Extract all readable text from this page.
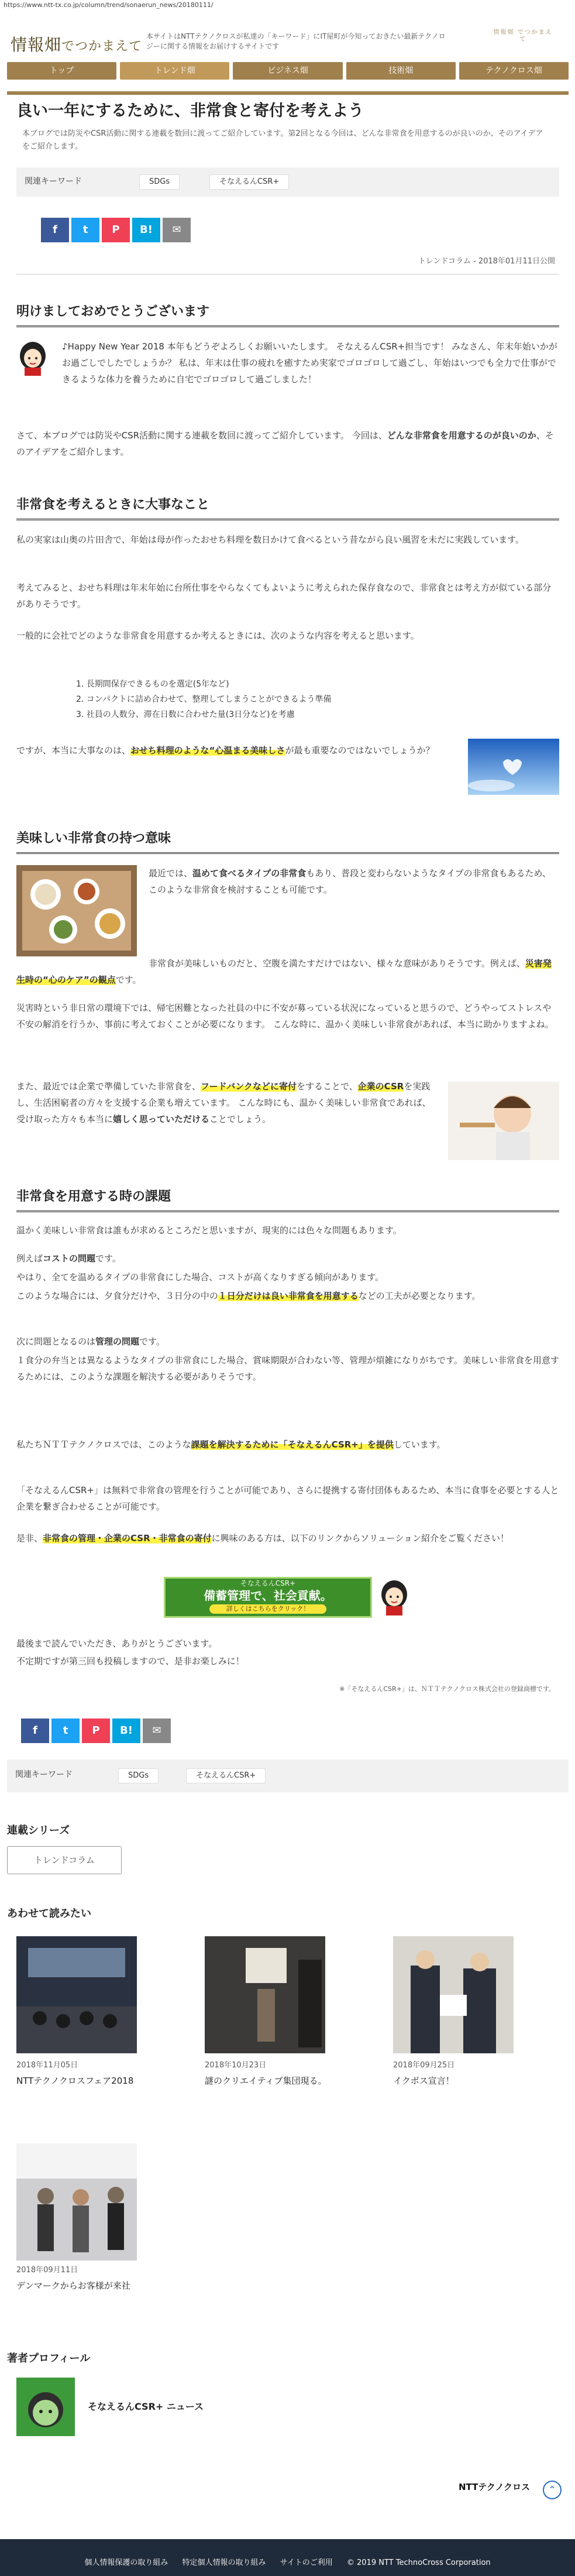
https://www.ntt-tx.co.jp/column/trend/sonaerun_news/20180111/
情報畑でつかまえて
本サイトはNTTテクノクロスが私達の「キーワード」にIT屋町が今知っておきたい最新テクノロジーに関する情報をお届けするサイトです
情報畑 でつかまえて
トップ	トレンド畑	ビジネス畑	技術畑	テクノクロス畑
良い一年にするために、非常食と寄付を考えよう
本ブログでは防災やCSR活動に関する連載を数回に渡ってご紹介しています。第2回となる今回は、どんな非常食を用意するのが良いのか、そのアイデアをご紹介します。
関連キーワード	SDGs	そなえるんCSR+
f	t	P	B!	✉
トレンドコラム - 2018年01月11日公開
明けましておめでとうございます
♪Happy New Year 2018 本年もどうぞよろしくお願いいたします。 そなえるんCSR+担当です！ みなさん、年末年始いかがお過ごしでしたでしょうか？ 私は、年末は仕事の疲れを癒すため実家でゴロゴロして過ごし、年始はいつでも全力で仕事ができるような体力を養うために自宅でゴロゴロして過ごしました！
さて、本ブログでは防災やCSR活動に関する連載を数回に渡ってご紹介しています。 今回は、どんな非常食を用意するのが良いのか、そのアイデアをご紹介します。
非常食を考えるときに大事なこと
私の実家は山奥の片田舎で、年始は母が作ったおせち料理を数日かけて食べるという昔ながら良い風習を未だに実践しています。
考えてみると、おせち料理は年末年始に台所仕事をやらなくてもよいように考えられた保存食なので、非常食とは考え方が似ている部分がありそうです。
一般的に会社でどのような非常食を用意するか考えるときには、次のような内容を考えると思います。
1. 長期間保存できるものを選定(5年など)
2. コンパクトに詰め合わせて、整理してしまうことができるよう準備
3. 社員の人数分、滞在日数に合わせた量(3日分など)を考慮
ですが、本当に大事なのは、おせち料理のような“心温まる美味しさが最も重要なのではないでしょうか？
美味しい非常食の持つ意味
最近では、温めて食べるタイプの非常食もあり、普段と変わらないようなタイプの非常食もあるため、このような非常食を検討することも可能です。
非常食が美味しいものだと、空腹を満たすだけではない、様々な意味がありそうです。例えば、災害発生時の“心のケア”の観点です。
災害時という非日常の環境下では、帰宅困難となった社員の中に不安が募っている状況になっていると思うので、どうやってストレスや不安の解消を行うか、事前に考えておくことが必要になります。 こんな時に、温かく美味しい非常食があれば、本当に助かりますよね。
また、最近では企業で準備していた非常食を、フードバンクなどに寄付をすることで、企業のCSRを実践し、生活困窮者の方々を支援する企業も増えています。 こんな時にも、温かく美味しい非常食であれば、受け取った方々も本当に嬉しく思っていただけることでしょう。
非常食を用意する時の課題
温かく美味しい非常食は誰もが求めるところだと思いますが、現実的には色々な問題もあります。
例えばコストの問題です。
やはり、全てを温めるタイプの非常食にした場合、コストが高くなりすぎる傾向があります。
このような場合には、夕食分だけや、３日分の中の１日分だけは良い非常食を用意するなどの工夫が必要となります。
次に問題となるのは管理の問題です。
１食分の弁当とは異なるようなタイプの非常食にした場合、賞味期限が合わない等、管理が煩雑になりがちです。美味しい非常食を用意するためには、このような課題を解決する必要がありそうです。
私たちＮＴＴテクノクロスでは、このような課題を解決するために「そなえるんCSR+」を提供しています。
「そなえるんCSR+」は無料で非常食の管理を行うことが可能であり、さらに提携する寄付団体もあるため、本当に食事を必要とする人と企業を繋ぎ合わせることが可能です。
是非、非常食の管理・企業のCSR・非常食の寄付に興味のある方は、以下のリンクからソリューション紹介をご覧ください！
そなえるんCSR+
備蓄管理で、社会貢献。
詳しくはこちらをクリック！
最後まで読んでいただき、ありがとうございます。
不定期ですが第三回も投稿しますので、是非お楽しみに！
※「そなえるんCSR+」は、ＮＴＴテクノクロス株式会社の登録商標です。
f	t	P	B!	✉
関連キーワード	SDGs	そなえるんCSR+
連載シリーズ
トレンドコラム
あわせて読みたい
2018年11月05日
NTTテクノクロスフェア2018
2018年10月23日
謎のクリエイティブ集団現る。
2018年09月25日
イクボス宣言！
2018年09月11日
デンマークからお客様が来社
著者プロフィール
そなえるんCSR+ ニュース
NTTテクノクロス	⌃
個人情報保護の取り組み 特定個人情報の取り組み サイトのご利用 © 2019 NTT TechnoCross Corporation
